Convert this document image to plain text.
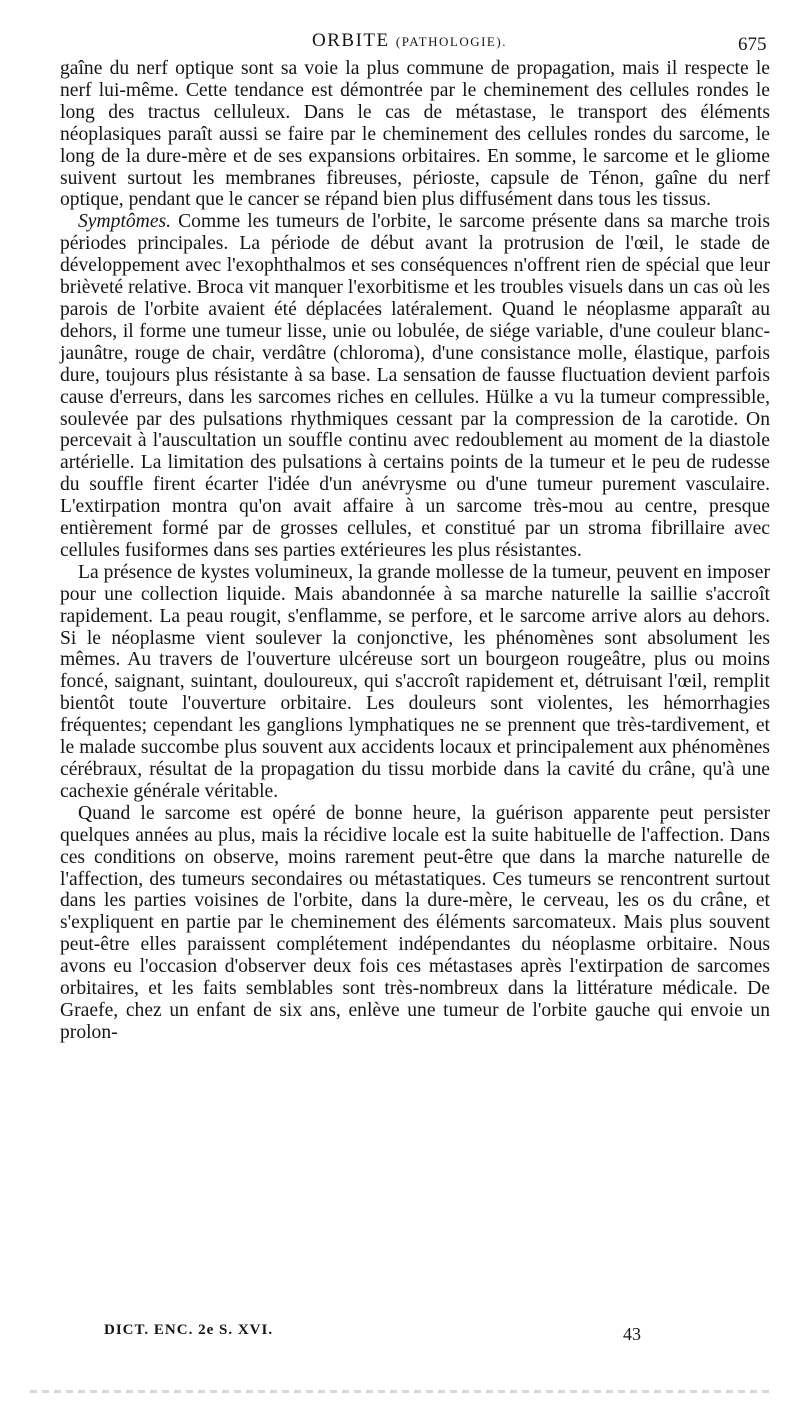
ORBITE (PATHOLOGIE).	675

gaîne du nerf optique sont sa voie la plus commune de propagation, mais il respecte le nerf lui-même. Cette tendance est démontrée par le cheminement des cellules rondes le long des tractus celluleux. Dans le cas de métastase, le transport des éléments néoplasiques paraît aussi se faire par le cheminement des cellules rondes du sarcome, le long de la dure-mère et de ses expansions orbitaires. En somme, le sarcome et le gliome suivent surtout les membranes fibreuses, périoste, capsule de Ténon, gaîne du nerf optique, pendant que le cancer se répand bien plus diffusément dans tous les tissus.

Symptômes. Comme les tumeurs de l'orbite, le sarcome présente dans sa marche trois périodes principales. La période de début avant la protrusion de l'œil, le stade de développement avec l'exophthalmos et ses conséquences n'offrent rien de spécial que leur brièveté relative. Broca vit manquer l'exorbitisme et les troubles visuels dans un cas où les parois de l'orbite avaient été déplacées latéralement. Quand le néoplasme apparaît au dehors, il forme une tumeur lisse, unie ou lobulée, de siége variable, d'une couleur blanc-jaunâtre, rouge de chair, verdâtre (chloroma), d'une consistance molle, élastique, parfois dure, toujours plus résistante à sa base. La sensation de fausse fluctuation devient parfois cause d'erreurs, dans les sarcomes riches en cellules. Hülke a vu la tumeur compressible, soulevée par des pulsations rhythmiques cessant par la compression de la carotide. On percevait à l'auscultation un souffle continu avec redoublement au moment de la diastole artérielle. La limitation des pulsations à certains points de la tumeur et le peu de rudesse du souffle firent écarter l'idée d'un anévrysme ou d'une tumeur purement vasculaire. L'extirpation montra qu'on avait affaire à un sarcome très-mou au centre, presque entièrement formé par de grosses cellules, et constitué par un stroma fibrillaire avec cellules fusiformes dans ses parties extérieures les plus résistantes.

La présence de kystes volumineux, la grande mollesse de la tumeur, peuvent en imposer pour une collection liquide. Mais abandonnée à sa marche naturelle la saillie s'accroît rapidement. La peau rougit, s'enflamme, se perfore, et le sarcome arrive alors au dehors. Si le néoplasme vient soulever la conjonctive, les phénomènes sont absolument les mêmes. Au travers de l'ouverture ulcéreuse sort un bourgeon rougeâtre, plus ou moins foncé, saignant, suintant, douloureux, qui s'accroît rapidement et, détruisant l'œil, remplit bientôt toute l'ouverture orbitaire. Les douleurs sont violentes, les hémorrhagies fréquentes; cependant les ganglions lymphatiques ne se prennent que très-tardivement, et le malade succombe plus souvent aux accidents locaux et principalement aux phénomènes cérébraux, résultat de la propagation du tissu morbide dans la cavité du crâne, qu'à une cachexie générale véritable.

Quand le sarcome est opéré de bonne heure, la guérison apparente peut persister quelques années au plus, mais la récidive locale est la suite habituelle de l'affection. Dans ces conditions on observe, moins rarement peut-être que dans la marche naturelle de l'affection, des tumeurs secondaires ou métastatiques. Ces tumeurs se rencontrent surtout dans les parties voisines de l'orbite, dans la dure-mère, le cerveau, les os du crâne, et s'expliquent en partie par le cheminement des éléments sarcomateux. Mais plus souvent peut-être elles paraissent complétement indépendantes du néoplasme orbitaire. Nous avons eu l'occasion d'observer deux fois ces métastases après l'extirpation de sarcomes orbitaires, et les faits semblables sont très-nombreux dans la littérature médicale. De Graefe, chez un enfant de six ans, enlève une tumeur de l'orbite gauche qui envoie un prolon-

DICT. ENC. 2e S. XVI.	43
